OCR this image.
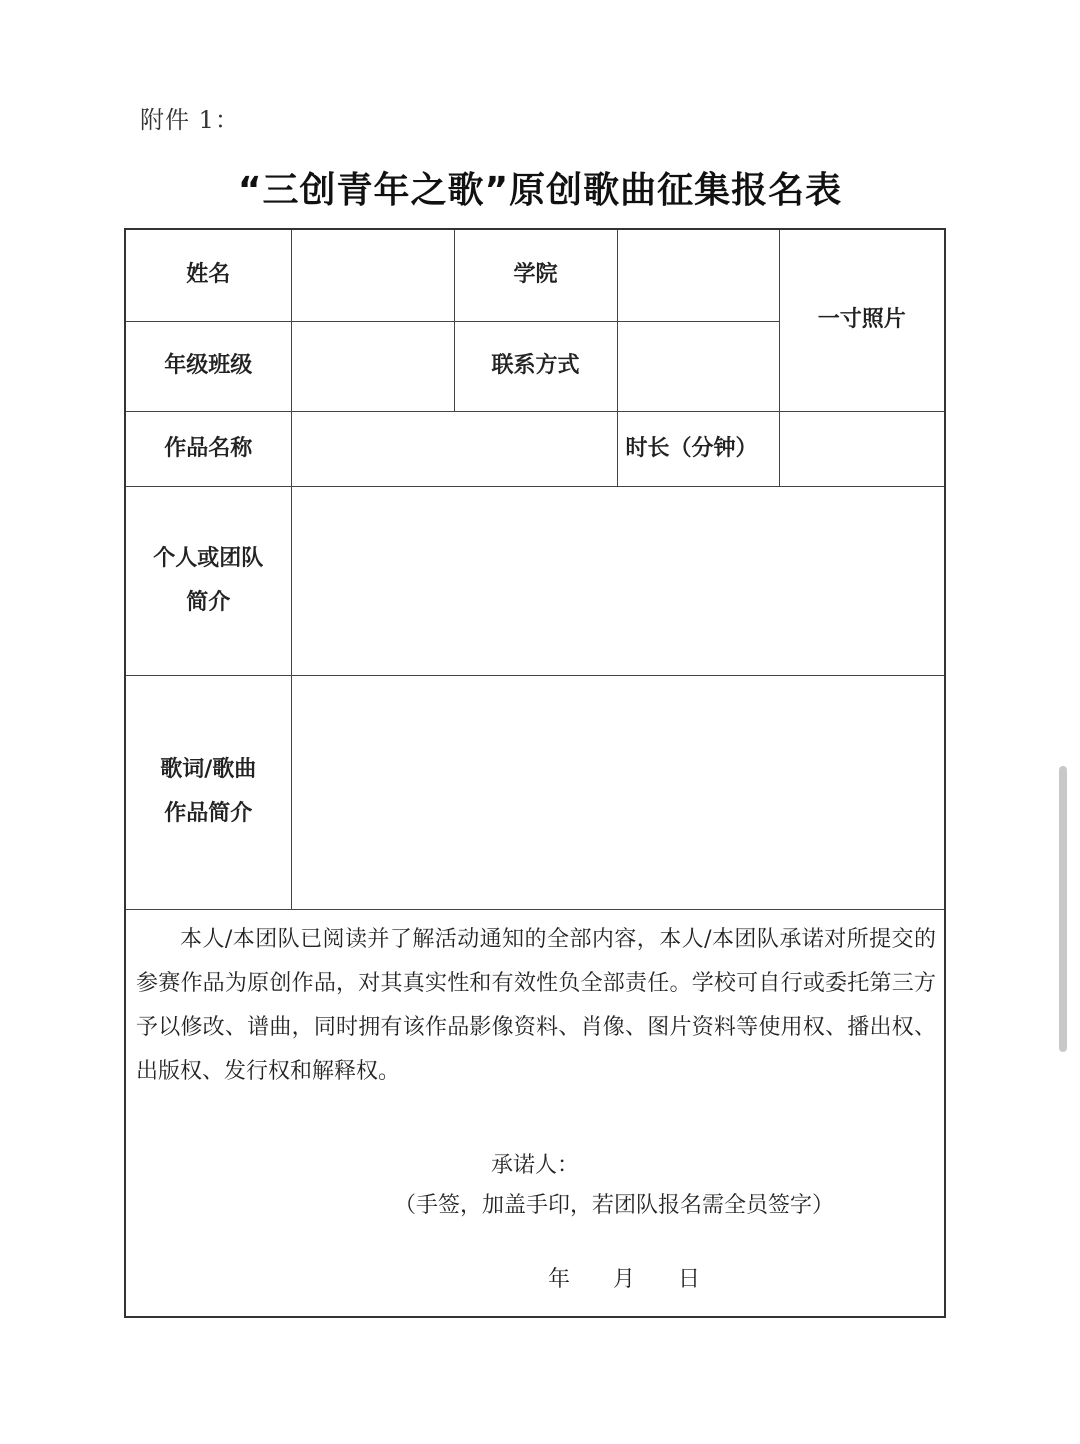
附件 1：
“三创青年之歌”原创歌曲征集报名表
姓名		学院		一寸照片
年级班级		联系方式		
作品名称			时长（分钟）	

个人或团队
简介				

歌词/歌曲
作品简介				

本人/本团队已阅读并了解活动通知的全部内容，本人/本团队承诺对所提交的参赛作品为原创作品，对其真实性和有效性负全部责任。学校可自行或委托第三方予以修改、谱曲，同时拥有该作品影像资料、肖像、图片资料等使用权、播出权、出版权、发行权和解释权。
承诺人：
（手签，加盖手印，若团队报名需全员签字）
年 月 日				
